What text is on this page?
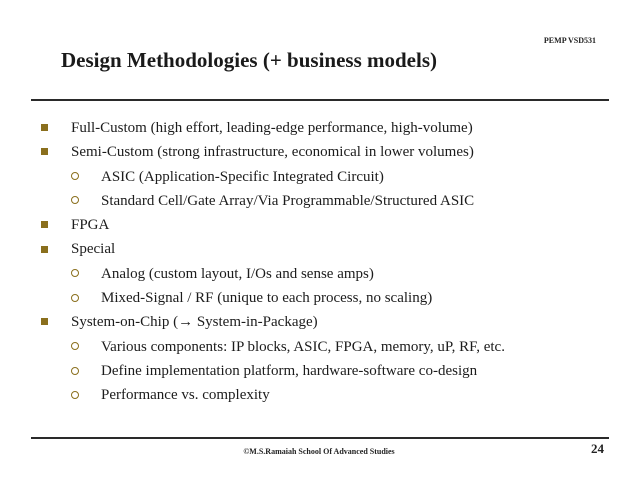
PEMP VSD531
Design Methodologies (+ business models)
Full-Custom (high effort, leading-edge performance, high-volume)
Semi-Custom (strong infrastructure, economical in lower volumes)
ASIC (Application-Specific Integrated Circuit)
Standard Cell/Gate Array/Via Programmable/Structured ASIC
FPGA
Special
Analog (custom layout, I/Os and sense amps)
Mixed-Signal / RF (unique to each process, no scaling)
System-on-Chip (→ System-in-Package)
Various components: IP blocks, ASIC, FPGA, memory, uP, RF, etc.
Define implementation platform, hardware-software co-design
Performance vs. complexity
©M.S.Ramaiah School Of Advanced Studies	24
